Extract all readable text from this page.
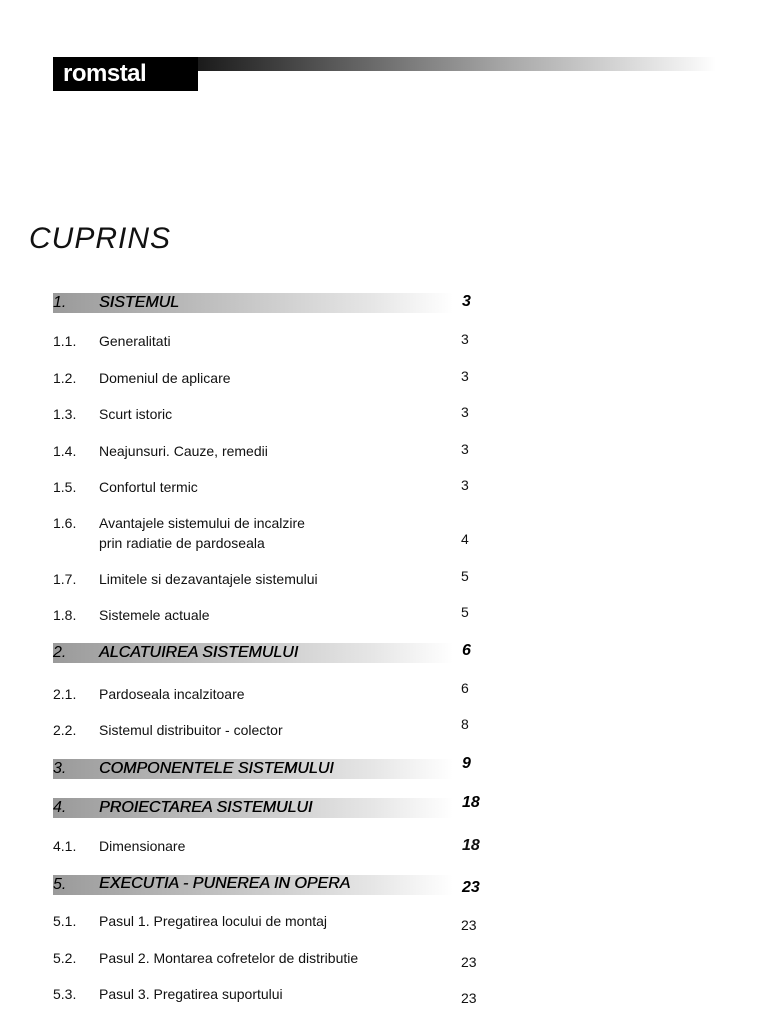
romstal
CUPRINS
1. SISTEMUL	3
1.1. Generalitati	3
1.2. Domeniul de aplicare	3
1.3. Scurt istoric	3
1.4. Neajunsuri. Cauze, remedii	3
1.5. Confortul termic	3
1.6. Avantajele sistemului de incalzire
prin radiatie de pardoseala	4
1.7. Limitele si dezavantajele sistemului	5
1.8. Sistemele actuale	5
2. ALCATUIREA SISTEMULUI	6
2.1. Pardoseala incalzitoare	6
2.2. Sistemul distribuitor - colector	8
3. COMPONENTELE SISTEMULUI	9
4. PROIECTAREA SISTEMULUI	18
4.1. Dimensionare	18
5. EXECUTIA - PUNEREA IN OPERA	23
5.1. Pasul 1. Pregatirea locului de montaj	23
5.2. Pasul 2. Montarea cofretelor de distributie	23
5.3. Pasul 3. Pregatirea suportului	23
